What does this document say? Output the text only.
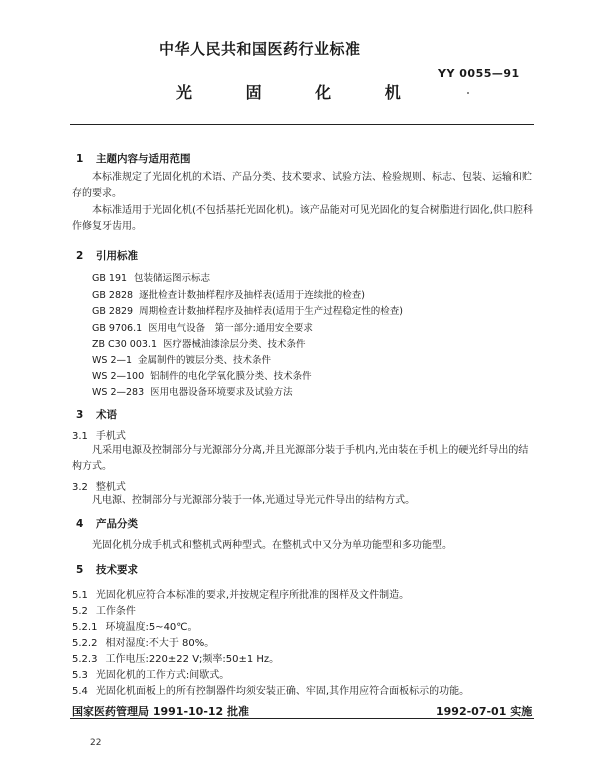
中华人民共和国医药行业标准
YY 0055—91
光 固 化 机
1 主题内容与适用范围
本标准规定了光固化机的术语、产品分类、技术要求、试验方法、检验规则、标志、包装、运输和贮存的要求。
本标准适用于光固化机(不包括基托光固化机)。该产品能对可见光固化的复合树脂进行固化,供口腔科作修复牙齿用。
2 引用标准
GB 191 包装储运图示标志
GB 2828 逐批检查计数抽样程序及抽样表(适用于连续批的检查)
GB 2829 周期检查计数抽样程序及抽样表(适用于生产过程稳定性的检查)
GB 9706.1 医用电气设备　第一部分:通用安全要求
ZB C30 003.1 医疗器械油漆涂层分类、技术条件
WS 2—1 金属制件的镀层分类、技术条件
WS 2—100 铝制件的电化学氧化膜分类、技术条件
WS 2—283 医用电器设备环境要求及试验方法
3 术语
3.1 手机式
凡采用电源及控制部分与光源部分分离,并且光源部分装于手机内,光由装在手机上的硬光纤导出的结构方式。
3.2 整机式
凡电源、控制部分与光源部分装于一体,光通过导光元件导出的结构方式。
4 产品分类
光固化机分成手机式和整机式两种型式。在整机式中又分为单功能型和多功能型。
5 技术要求
5.1 光固化机应符合本标准的要求,并按规定程序所批准的图样及文件制造。
5.2 工作条件
5.2.1 环境温度:5~40℃。
5.2.2 相对湿度:不大于 80%。
5.2.3 工作电压:220±22 V;频率:50±1 Hz。
5.3 光固化机的工作方式:间歇式。
5.4 光固化机面板上的所有控制器件均须安装正确、牢固,其作用应符合面板标示的功能。
国家医药管理局 1991-10-12 批准	1992-07-01 实施
22
